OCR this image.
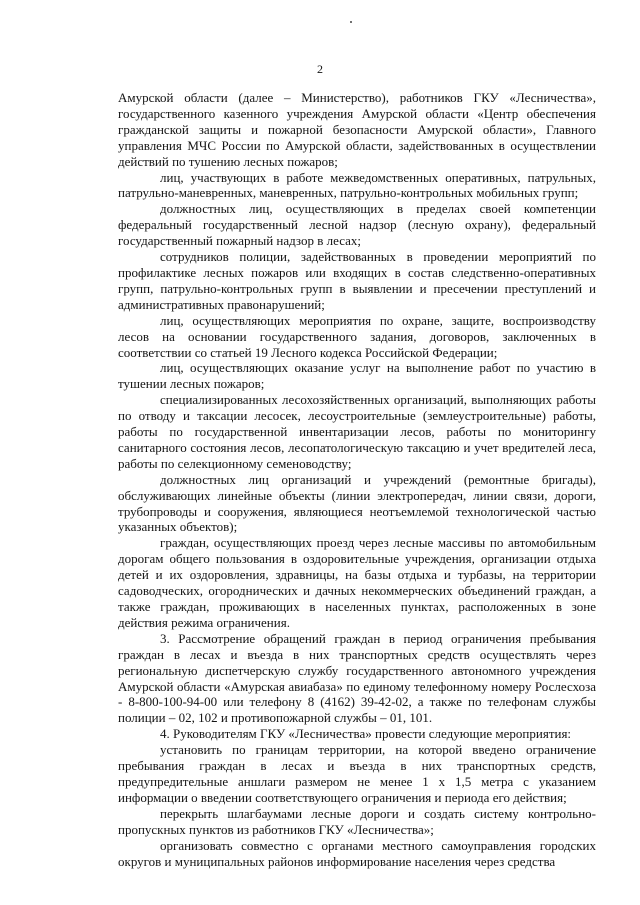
2

Амурской области (далее – Министерство), работников ГКУ «Лесничества», государственного казенного учреждения Амурской области «Центр обеспечения гражданской защиты и пожарной безопасности Амурской области», Главного управления МЧС России по Амурской области, задействованных в осуществлении действий по тушению лесных пожаров;

лиц, участвующих в работе межведомственных оперативных, патрульных, патрульно-маневренных, маневренных, патрульно-контрольных мобильных групп;

должностных лиц, осуществляющих в пределах своей компетенции федеральный государственный лесной надзор (лесную охрану), федеральный государственный пожарный надзор в лесах;

сотрудников полиции, задействованных в проведении мероприятий по профилактике лесных пожаров или входящих в состав следственно-оперативных групп, патрульно-контрольных групп в выявлении и пресечении преступлений и административных правонарушений;

лиц, осуществляющих мероприятия по охране, защите, воспроизводству лесов на основании государственного задания, договоров, заключенных в соответствии со статьей 19 Лесного кодекса Российской Федерации;

лиц, осуществляющих оказание услуг на выполнение работ по участию в тушении лесных пожаров;

специализированных лесохозяйственных организаций, выполняющих работы по отводу и таксации лесосек, лесоустроительные (землеустроительные) работы, работы по государственной инвентаризации лесов, работы по мониторингу санитарного состояния лесов, лесопатологическую таксацию и учет вредителей леса, работы по селекционному семеноводству;

должностных лиц организаций и учреждений (ремонтные бригады), обслуживающих линейные объекты (линии электропередач, линии связи, дороги, трубопроводы и сооружения, являющиеся неотъемлемой технологической частью указанных объектов);

граждан, осуществляющих проезд через лесные массивы по автомобильным дорогам общего пользования в оздоровительные учреждения, организации отдыха детей и их оздоровления, здравницы, на базы отдыха и турбазы, на территории садоводческих, огороднических и дачных некоммерческих объединений граждан, а также граждан, проживающих в населенных пунктах, расположенных в зоне действия режима ограничения.

3. Рассмотрение обращений граждан в период ограничения пребывания граждан в лесах и въезда в них транспортных средств осуществлять через региональную диспетчерскую службу государственного автономного учреждения Амурской области «Амурская авиабаза» по единому телефонному номеру Рослесхоза - 8-800-100-94-00 или телефону 8 (4162) 39-42-02, а также по телефонам службы полиции – 02, 102 и противопожарной службы – 01, 101.

4. Руководителям ГКУ «Лесничества» провести следующие мероприятия:

установить по границам территории, на которой введено ограничение пребывания граждан в лесах и въезда в них транспортных средств, предупредительные аншлаги размером не менее 1 х 1,5 метра с указанием информации о введении соответствующего ограничения и периода его действия;

перекрыть шлагбаумами лесные дороги и создать систему контрольно-пропускных пунктов из работников ГКУ «Лесничества»;

организовать совместно с органами местного самоуправления городских округов и муниципальных районов информирование населения через средства
